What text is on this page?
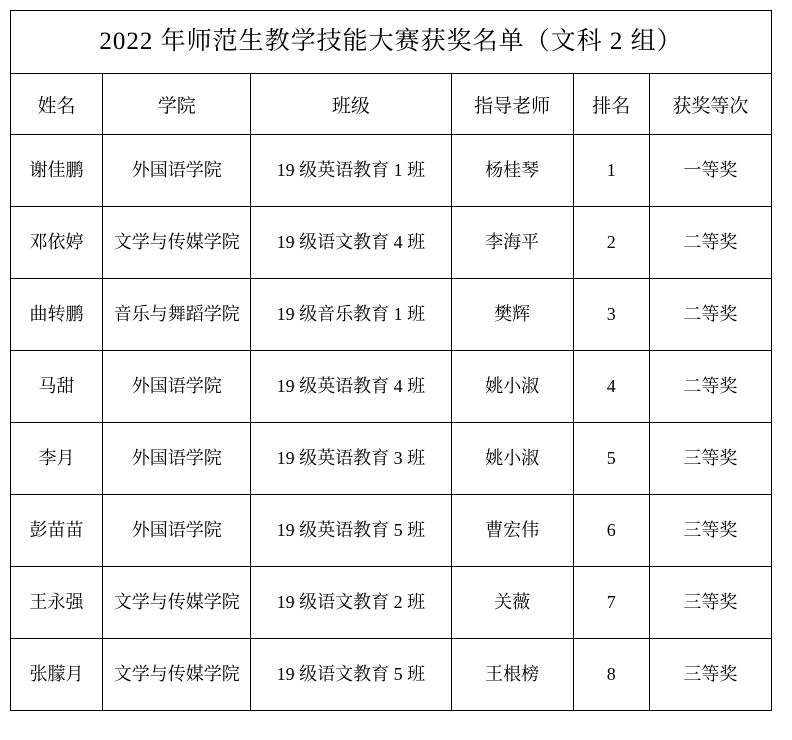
2022 年师范生教学技能大赛获奖名单（文科 2 组）					
姓名	学院	班级	指导老师	排名	获奖等次
谢佳鹏	外国语学院	19 级英语教育 1 班	杨桂琴	1	一等奖
邓依婷	文学与传媒学院	19 级语文教育 4 班	李海平	2	二等奖
曲转鹏	音乐与舞蹈学院	19 级音乐教育 1 班	樊辉	3	二等奖
马甜	外国语学院	19 级英语教育 4 班	姚小淑	4	二等奖
李月	外国语学院	19 级英语教育 3 班	姚小淑	5	三等奖
彭苗苗	外国语学院	19 级英语教育 5 班	曹宏伟	6	三等奖
王永强	文学与传媒学院	19 级语文教育 2 班	关薇	7	三等奖
张朦月	文学与传媒学院	19 级语文教育 5 班	王根榜	8	三等奖
